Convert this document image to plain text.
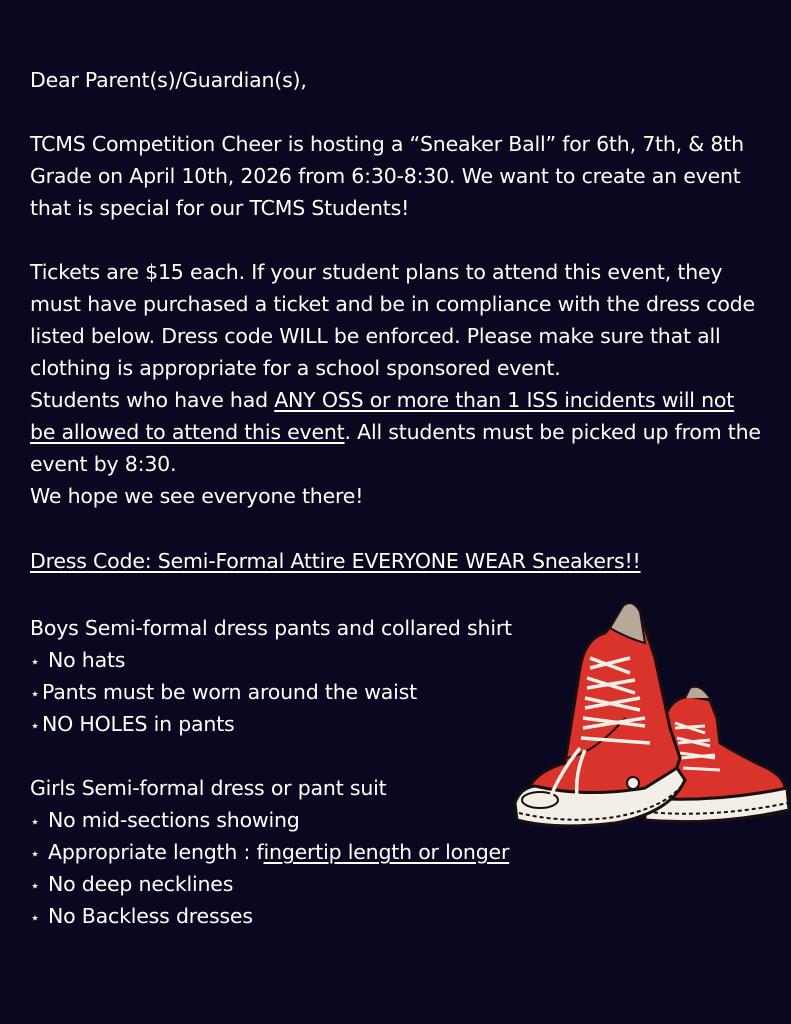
Dear Parent(s)/Guardian(s),
TCMS Competition Cheer is hosting a “Sneaker Ball” for 6th, 7th, & 8th
Grade on April 10th, 2026 from 6:30-8:30. We want to create an event
that is special for our TCMS Students!
Tickets are $15 each. If your student plans to attend this event, they
must have purchased a ticket and be in compliance with the dress code
listed below. Dress code WILL be enforced. Please make sure that all
clothing is appropriate for a school sponsored event.
Students who have had ANY OSS or more than 1 ISS incidents will not
be allowed to attend this event. All students must be picked up from the
event by 8:30.
We hope we see everyone there!
Dress Code: Semi-Formal Attire EVERYONE WEAR Sneakers!!
Boys Semi-formal dress pants and collared shirt
⋆ No hats
⋆ Pants must be worn around the waist
⋆ NO HOLES in pants
Girls Semi-formal dress or pant suit
⋆ No mid-sections showing
⋆ Appropriate length : fingertip length or longer
⋆ No deep necklines
⋆ No Backless dresses
